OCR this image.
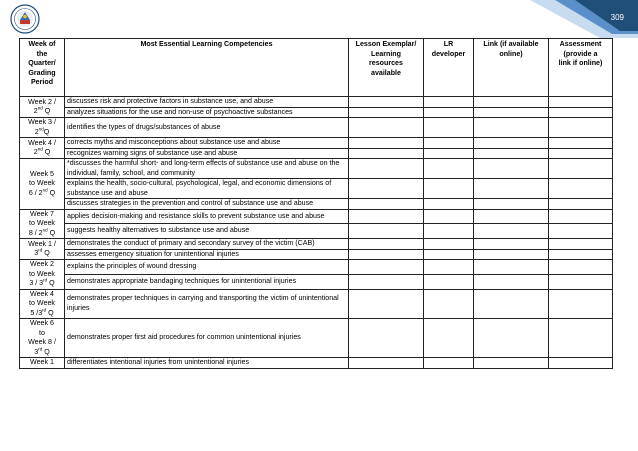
309
Week of
the
Quarter/
Grading
Period	Most Essential Learning Competencies	Lesson Exemplar/
Learning
resources
available	LR
developer	Link (if available
online)	Assessment
(provide a
link if online)
Week 2 /
2nd Q	discusses risk and protective factors in substance use, and abuse				
	analyzes situations for the use and non-use of psychoactive substances				
Week 3 /
2ndQ	identifies the types of drugs/substances of abuse				
Week 4 /
2nd Q	corrects myths and misconceptions about substance use and abuse				
	recognizes warning signs of substance use and abuse				
Week 5
to Week
6 / 2nd Q	*discusses the harmful short- and long-term effects of substance use and abuse on the individual, family, school, and community				
	explains the health, socio-cultural, psychological, legal, and economic dimensions of substance use and abuse				
	discusses strategies in the prevention and control of substance use and abuse				
Week 7
to Week
8 / 2nd Q	applies decision-making and resistance skills to prevent substance use and abuse				
	suggests healthy alternatives to substance use and abuse				
Week 1 /
3rd Q	demonstrates the conduct of primary and secondary survey of the victim (CAB)				
	assesses emergency situation for unintentional injuries				
Week 2
to Week
3 / 3rd Q	explains the principles of wound dressing				
	demonstrates appropriate bandaging techniques for unintentional injuries				
Week 4
to Week
5 /3rd Q	demonstrates proper techniques in carrying and transporting the victim of unintentional injuries				
Week 6
to
Week 8 /
3rd Q	demonstrates proper first aid procedures for common unintentional injuries				
Week 1	differentiates intentional injuries from unintentional injuries				
